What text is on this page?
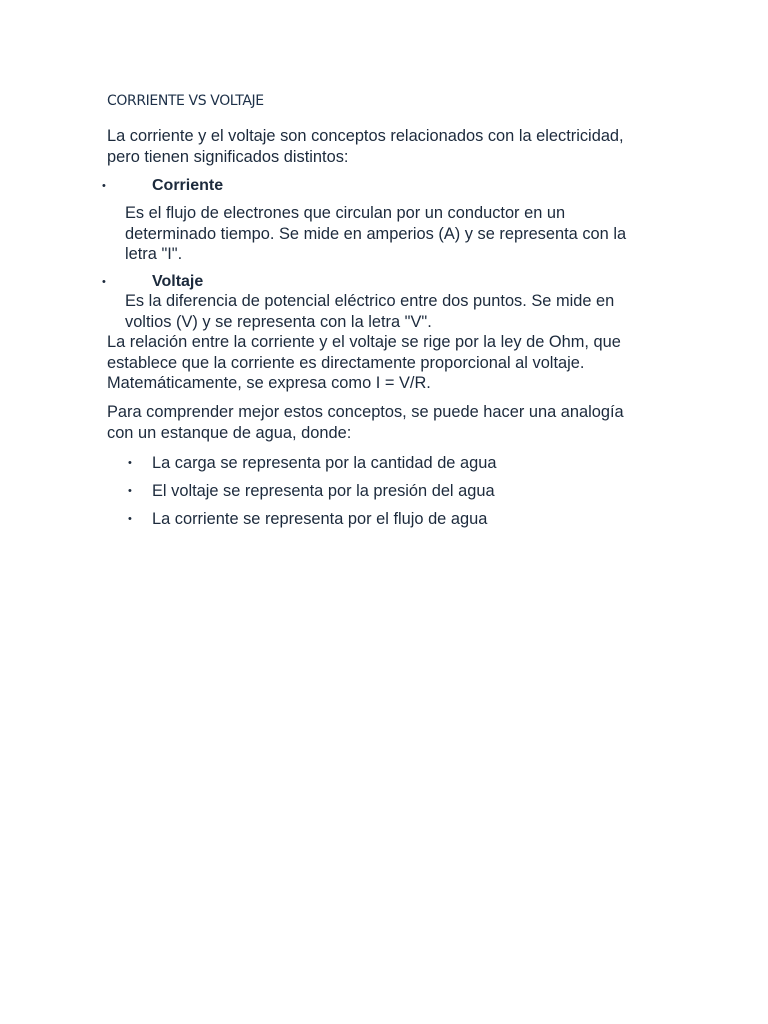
CORRIENTE VS VOLTAJE

La corriente y el voltaje son conceptos relacionados con la electricidad, pero tienen significados distintos:

•	Corriente

Es el flujo de electrones que circulan por un conductor en un determinado tiempo. Se mide en amperios (A) y se representa con la letra "I".

•	Voltaje

Es la diferencia de potencial eléctrico entre dos puntos. Se mide en voltios (V) y se representa con la letra "V".

La relación entre la corriente y el voltaje se rige por la ley de Ohm, que establece que la corriente es directamente proporcional al voltaje. Matemáticamente, se expresa como I = V/R.

Para comprender mejor estos conceptos, se puede hacer una analogía con un estanque de agua, donde:

• La carga se representa por la cantidad de agua
• El voltaje se representa por la presión del agua
• La corriente se representa por el flujo de agua
